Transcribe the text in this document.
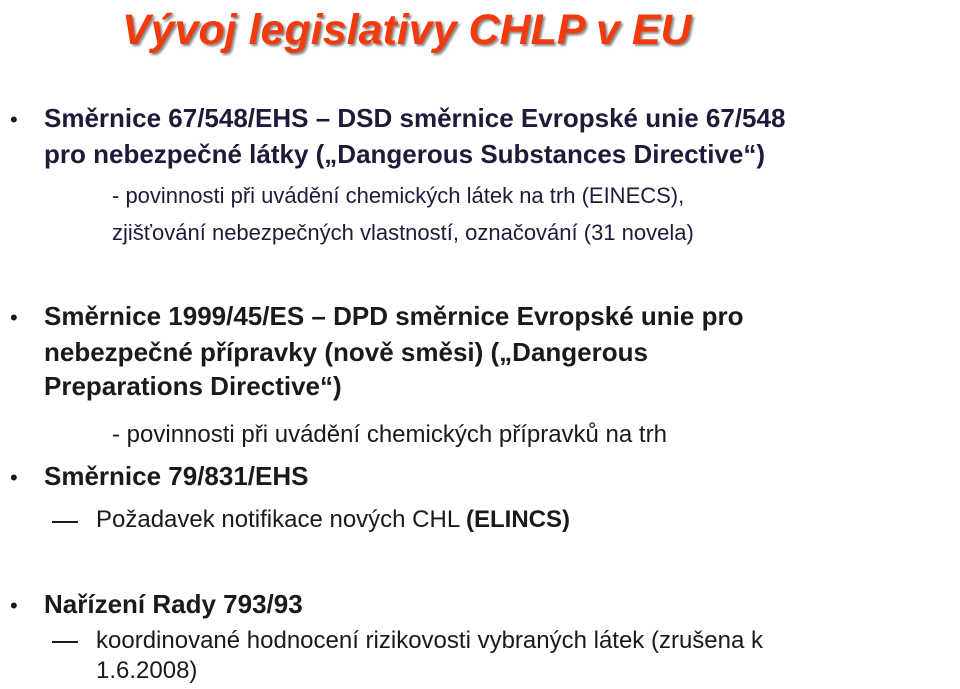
Vývoj legislativy CHLP v EU
• Směrnice 67/548/EHS – DSD směrnice Evropské unie 67/548
pro nebezpečné látky („Dangerous Substances Directive“)
- povinnosti při uvádění chemických látek na trh (EINECS),
zjišťování nebezpečných vlastností, označování (31 novela)
• Směrnice 1999/45/ES – DPD směrnice Evropské unie pro
nebezpečné přípravky (nově směsi) („Dangerous
Preparations Directive“)
- povinnosti při uvádění chemických přípravků na trh
• Směrnice 79/831/EHS
Požadavek notifikace nových CHL (ELINCS)
• Nařízení Rady 793/93
koordinované hodnocení rizikovosti vybraných látek (zrušena k
1.6.2008)
